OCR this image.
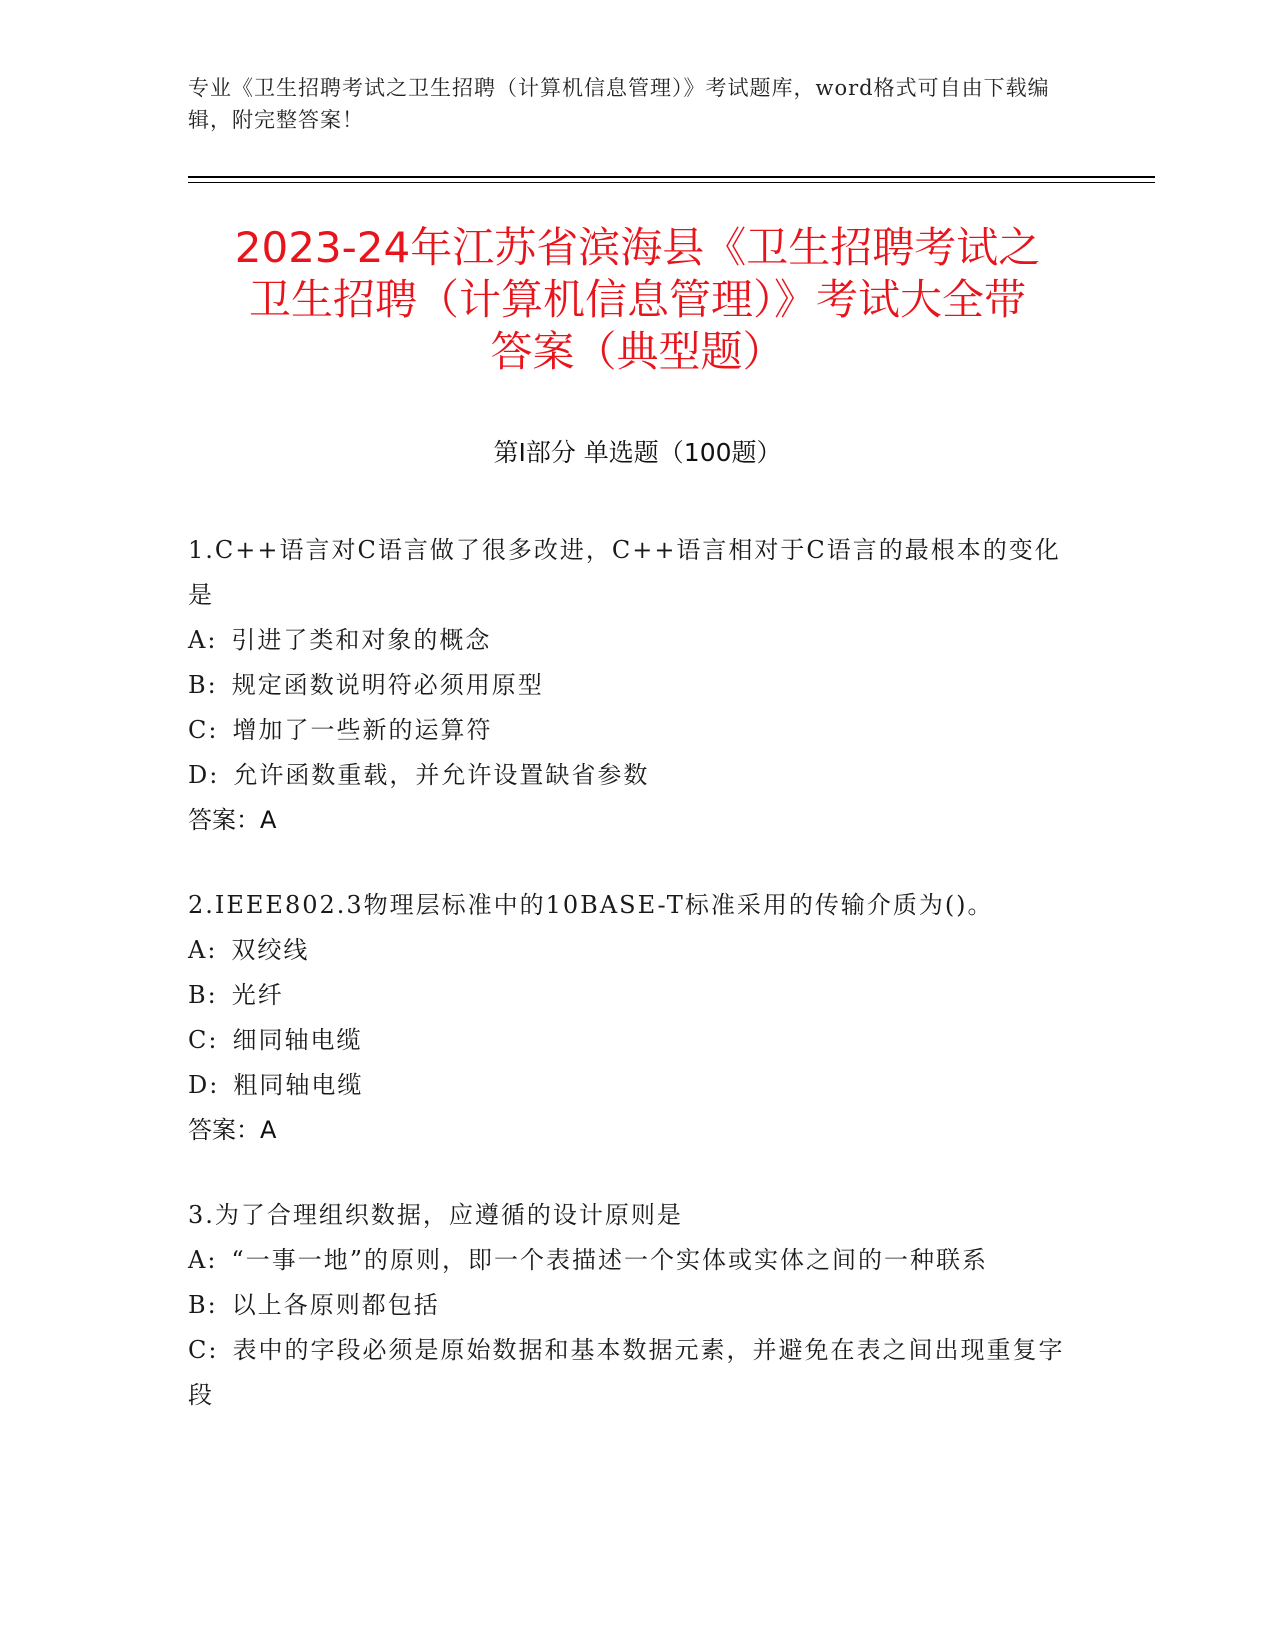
专业《卫生招聘考试之卫生招聘（计算机信息管理）》考试题库，word格式可自由下载编辑，附完整答案！
2023-24年江苏省滨海县《卫生招聘考试之
卫生招聘（计算机信息管理）》考试大全带
答案（典型题）
第Ⅰ部分 单选题（100题）
1.C++语言对C语言做了很多改进，C++语言相对于C语言的最根本的变化是
A: 引进了类和对象的概念
B: 规定函数说明符必须用原型
C: 增加了一些新的运算符
D: 允许函数重载，并允许设置缺省参数
答案：A
2.IEEE802.3物理层标准中的10BASE-T标准采用的传输介质为()。
A: 双绞线
B: 光纤
C: 细同轴电缆
D: 粗同轴电缆
答案：A
3.为了合理组织数据，应遵循的设计原则是
A: “一事一地”的原则，即一个表描述一个实体或实体之间的一种联系
B: 以上各原则都包括
C: 表中的字段必须是原始数据和基本数据元素，并避免在表之间出现重复字段
